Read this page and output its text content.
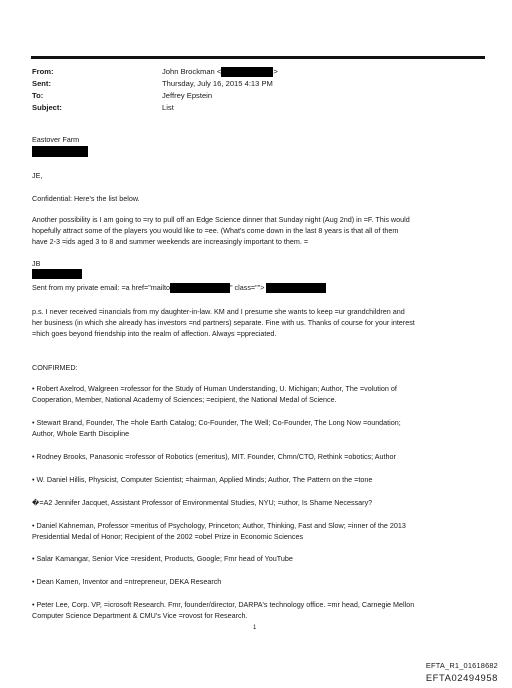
From:	John Brockman <	>
Sent:	Thursday, July 16, 2015 4:13 PM
To:	Jeffrey Epstein
Subject:	List
Eastover Farm
JE,
Confidential: Here's the list below.
Another possibility is I am going to =ry to pull off an Edge Science dinner that Sunday night (Aug 2nd) in =F. This would
hopefully attract some of the players you would like to =ee. (What's come down in the last 8 years is that all of them
have 2-3 =ids aged 3 to 8 and summer weekends are increasingly important to them. =
JB
Sent from my private email: =a href="mailto	" class="">
p.s. I never received =inancials from my daughter-in-law. KM and I presume she wants to keep =ur grandchildren and
her business (in which she already has investors =nd partners) separate. Fine with us. Thanks of course for your interest
=hich goes beyond friendship into the realm of affection. Always =ppreciated.
CONFIRMED:
• Robert Axelrod, Walgreen =rofessor for the Study of Human Understanding, U. Michigan; Author, The =volution of
Cooperation, Member, National Academy of Sciences; =ecipient, the National Medal of Science.
• Stewart Brand, Founder, The =hole Earth Catalog; Co-Founder, The Well; Co-Founder, The Long Now =oundation;
Author, Whole Earth Discipline
• Rodney Brooks, Panasonic =rofessor of Robotics (emeritus), MIT. Founder, Chmn/CTO, Rethink =obotics; Author
• W. Daniel Hillis, Physicist, Computer Scientist; =hairman, Applied Minds; Author, The Pattern on the =tone
�=A2 Jennifer Jacquet, Assistant Professor of Environmental Studies, NYU; =uthor, Is Shame Necessary?
• Daniel Kahneman, Professor =meritus of Psychology, Princeton; Author, Thinking, Fast and Slow; =inner of the 2013
Presidential Medal of Honor; Recipient of the 2002 =obel Prize in Economic Sciences
• Salar Kamangar, Senior Vice =resident, Products, Google; Fmr head of YouTube
• Dean Kamen, Inventor and =ntrepreneur, DEKA Research
• Peter Lee, Corp. VP, =icrosoft Research. Fmr, founder/director, DARPA's technology office. =mr head, Carnegie Mellon
Computer Science Department & CMU's Vice =rovost for Research.
1
EFTA_R1_01618682
EFTA02494958
